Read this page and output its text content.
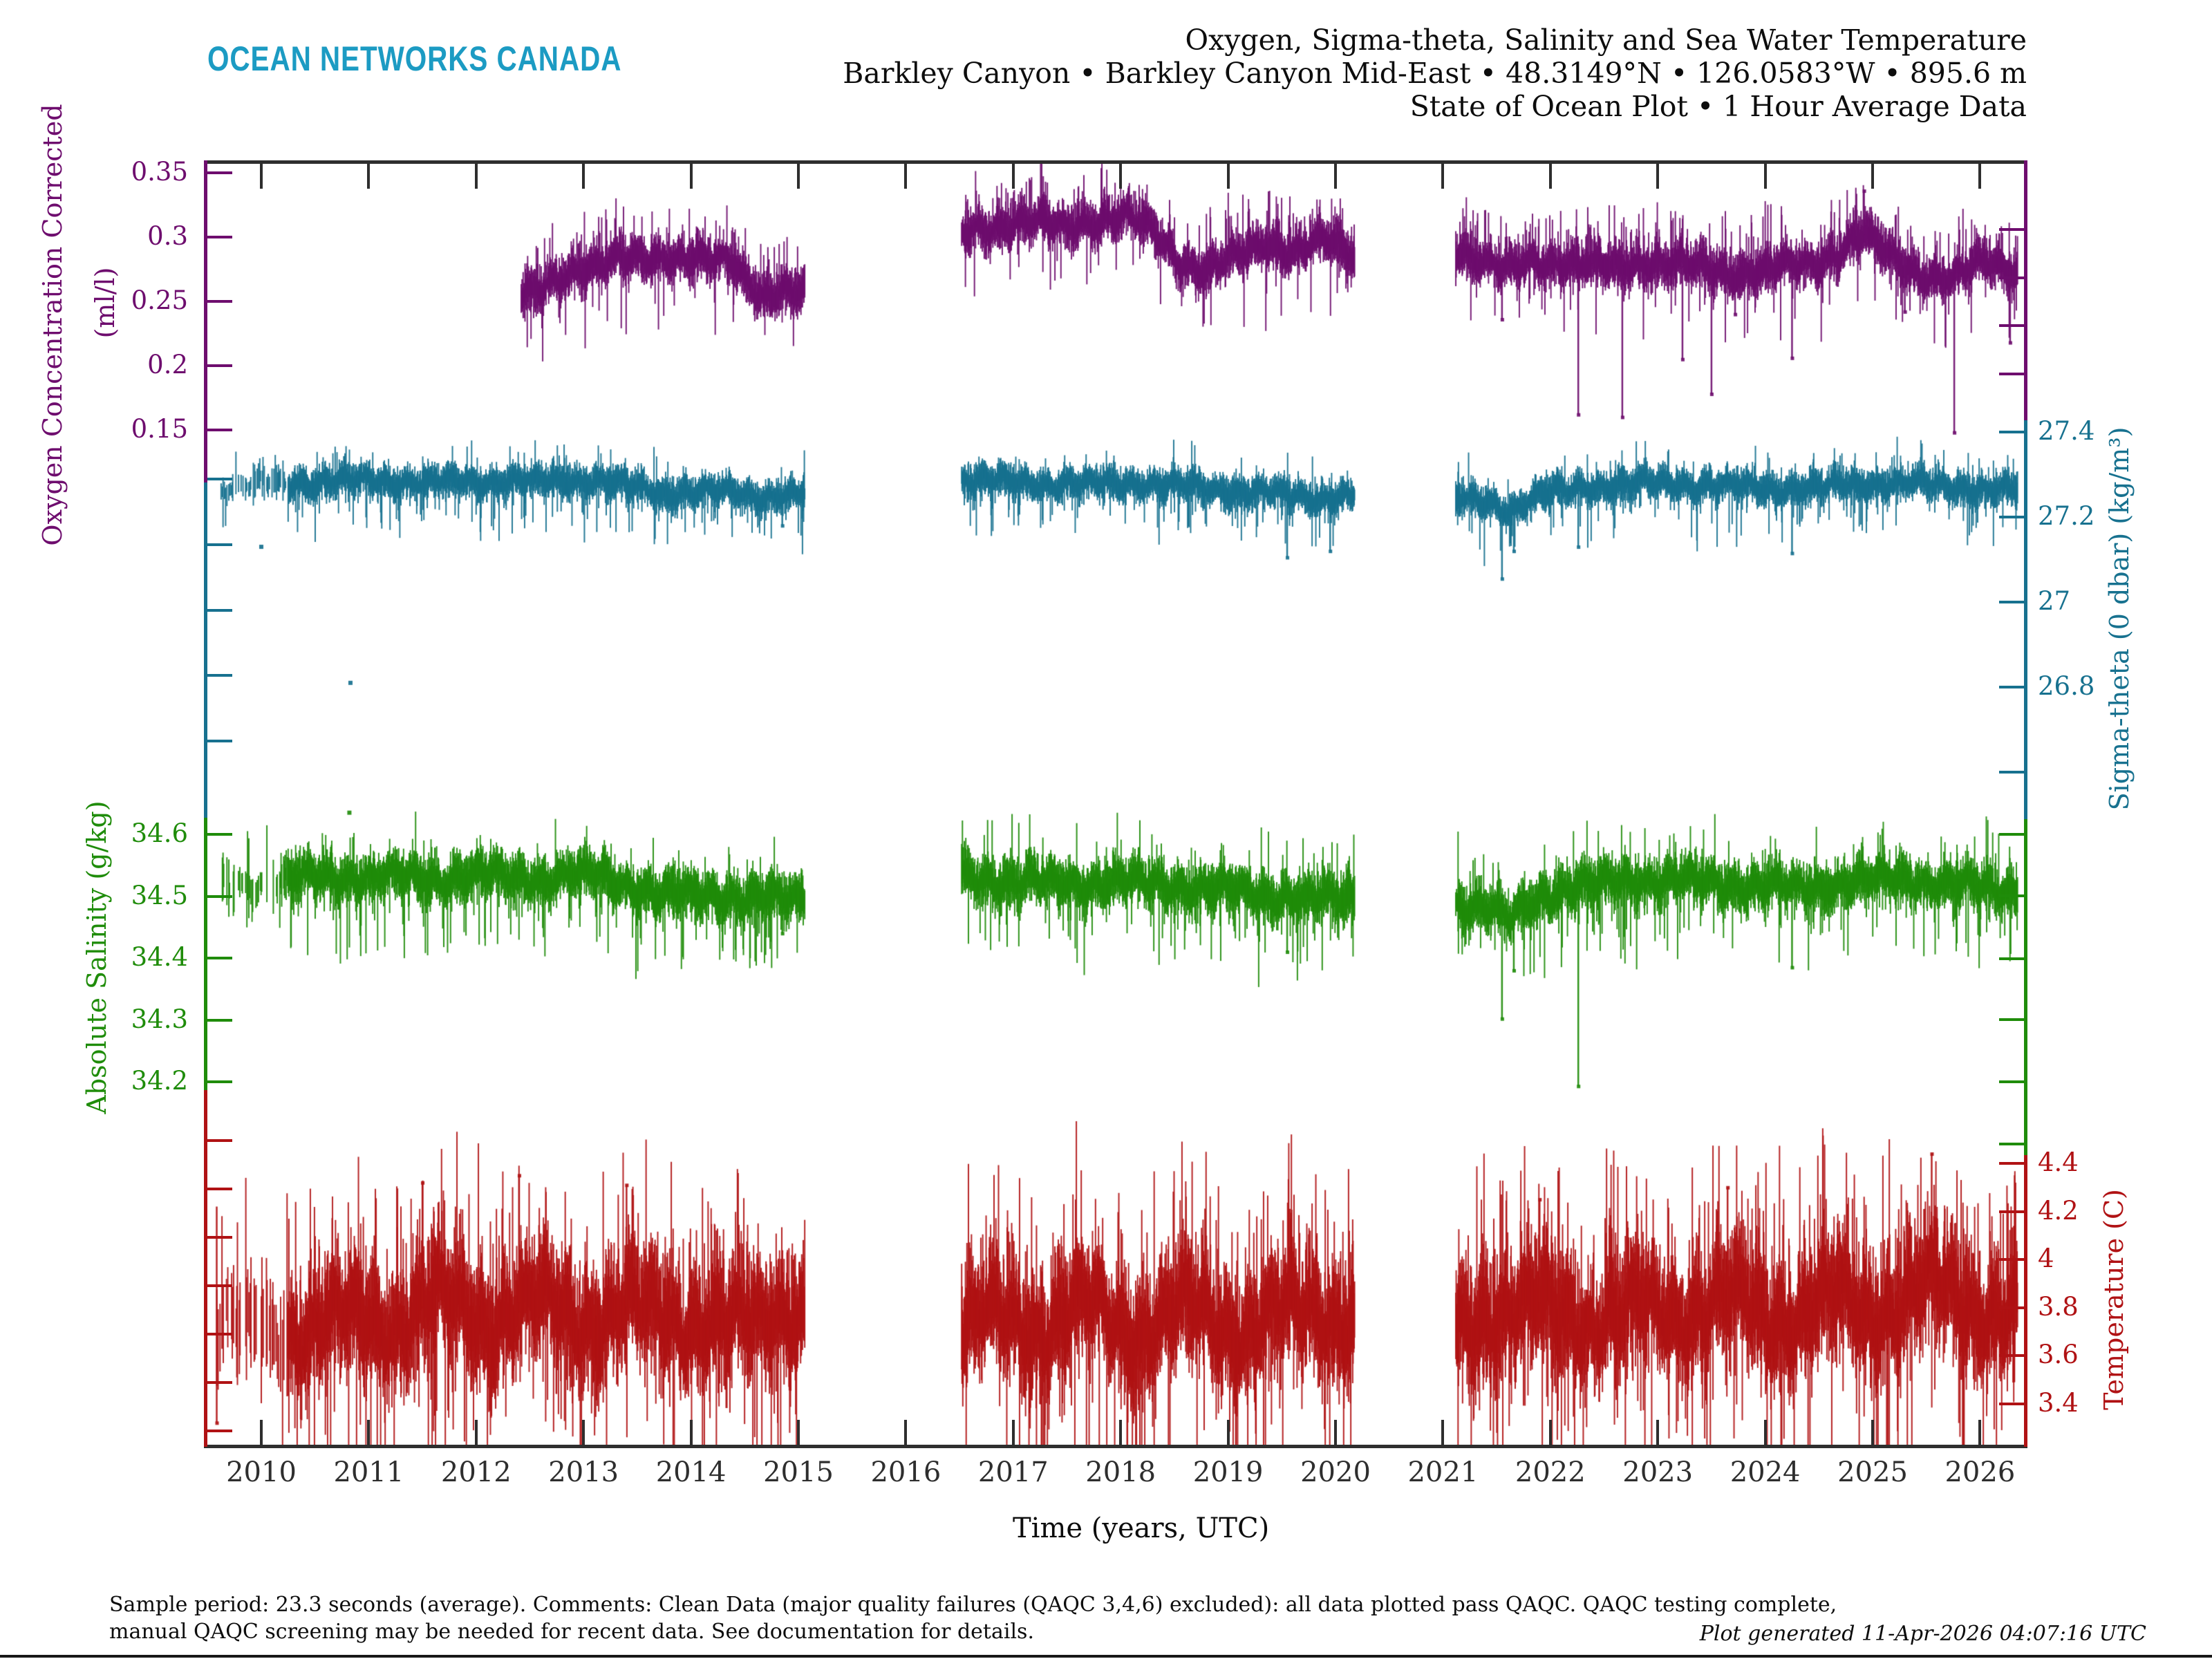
OCEAN NETWORKS CANADA	Oxygen, Sigma-theta, Salinity and Sea Water Temperature
Barkley Canyon • Barkley Canyon Mid-East • 48.3149°N • 126.0583°W • 895.6 m
State of Ocean Plot • 1 Hour Average Data
2010	2011	2012	2013	2014	2015	2016	2017	2018	2019	2020	2021	2022	2023	2024	2025	2026
0.35
0.3
0.25
0.2
0.15
34.6
34.5
34.4
34.3
34.2
27.4
27.2
27
26.8
4.4
4.2
4
3.8
3.6
3.4
Oxygen Concentration Corrected (ml/l)
Absolute Salinity (g/kg)
Sigma-theta (0 dbar) (kg/m³)
Temperature (C)
Time (years, UTC)
Sample period: 23.3 seconds (average). Comments: Clean Data (major quality failures (QAQC 3,4,6) excluded): all data plotted pass QAQC. QAQC testing complete,
manual QAQC screening may be needed for recent data. See documentation for details.	Plot generated 11-Apr-2026 04:07:16 UTC
